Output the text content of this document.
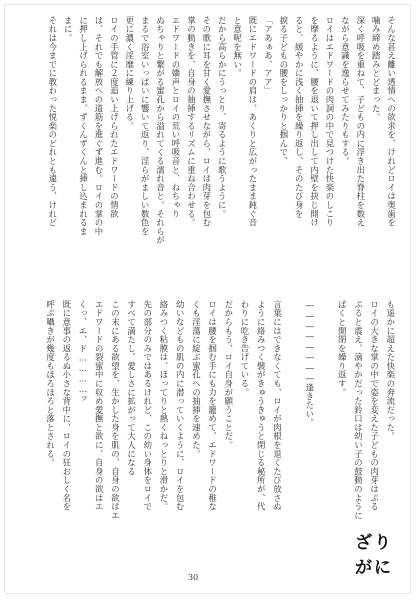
そんな甚え離い透情への欲求を、けれどロイは奥歯を
噛み締め踏みとどまった。
深く呼吸を重ねて、子どもの内に浮き出た脊柱を数え
ながら意識を逸らせてみたりもする。
ロイはエドワードの肉洞の中で見つけた快楽のしこり
を摩るように、腰を退いて押し出して内壁を抉じ開け
ると、緩やかに浅く抽挿を繰り返し、そのたび身を
捩る子どもの腰をしっかりと掴んで、
「アあぁあ、アア」
既にエドワードの肩は、あくりと広がったまま鈍ぐ音
と意呢を無い。
だから高らかにうっとり、寄るように歌うように。
その歌に耳を甘く愛撫させながら、ロイは肉芽を包む
掌の動きを、自身の抽挿するリズムに重ね合わせる。
エドワードの嬌声とロイの荒い呼吸音と、ねちゃり
ぬちゃりと繋がる蜜孔から溢れてくる濡れ音と。それらが
まるで浴室いっぱいに響いて返り、淫らがましい数色を
更に濃く淫靡に練り上げる。
ロイの手管に２度追い上げられたエドワードの情欲
は、それでも解放への道筋を進ぐず進む。ロイの掌の中
に押し上げられるまま、ずくんずくんと挿し込まれるま
まに。
それは今までに教わった悦楽のどれとも違う、けれど
も遥かに超えた快楽の奔流だった。
ロイの大きな掌の中で姿を変えた子どもの肉芽はぷる
ぷると震え、滴やかだった鈴口は幼い子の鼓動のように
ぱくと開閉を繰り返す。
――――――――逢きたい。
言葉にはできなくても、ロイが肉根を退くたび放さぬ
ように絡みつく襞がきゅうきゅうと閉じる秘所が、代
わりに吃き告げている。
だからもう、ロイ自身が願うことだ。
ロイは腰を掴む手にも力を籠めて、エドワードの稚な
くも淫蕩に綻ぶ蜜孔への抽挿を速めた。
幼いなどもの肌の内に潜っていくように、ロイを包む
絡みつく粘膜は、ほってりと熱くねっとりと滑かだ。
先の部分のみではあるけれど、この幼い身体をロイで
すべて満たし、愛しさに拡がって大人になる
この末にある欲望を、生かした身を肌の、自身の欲はエ
エドワードの裂蜜中に収め愛撫と欲に、自身の欲はエ
くっ、エ、ド…………ッ
既に意事の返るぬ小さな背中に、ロイの狂おしく名を
呼ぶ囁きが幾度もほろほろと落とされる。
30
ざりがに
